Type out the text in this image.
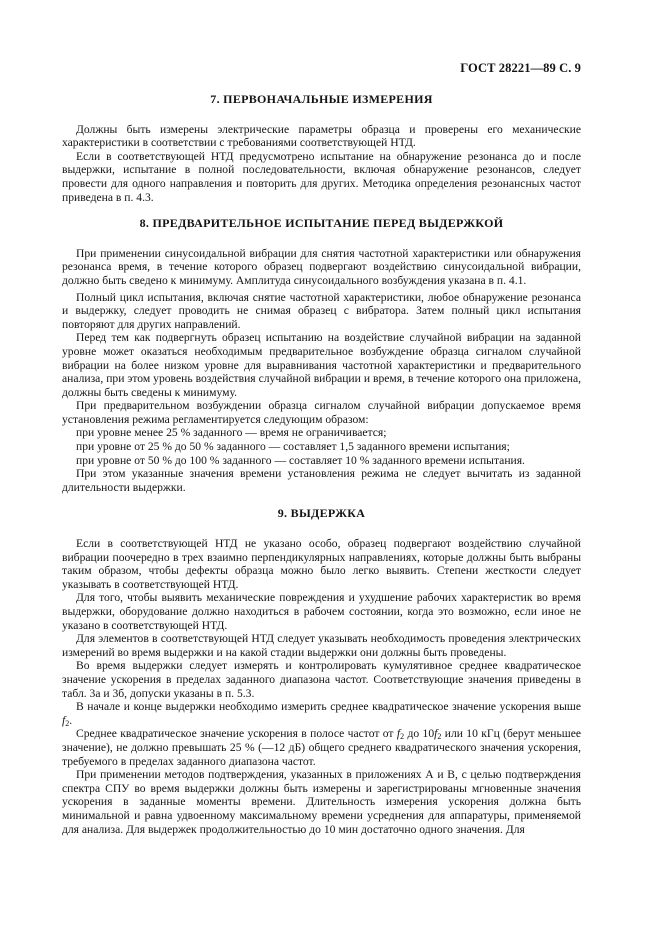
ГОСТ 28221—89 С. 9
7. ПЕРВОНАЧАЛЬНЫЕ ИЗМЕРЕНИЯ

Должны быть измерены электрические параметры образца и проверены его механические характеристики в соответствии с требованиями соответствующей НТД.

Если в соответствующей НТД предусмотрено испытание на обнаружение резонанса до и после выдержки, испытание в полной последовательности, включая обнаружение резонансов, следует провести для одного направления и повторить для других. Методика определения резонансных частот приведена в п. 4.3.

8. ПРЕДВАРИТЕЛЬНОЕ ИСПЫТАНИЕ ПЕРЕД ВЫДЕРЖКОЙ

При применении синусоидальной вибрации для снятия частотной характеристики или обнаружения резонанса время, в течение которого образец подвергают воздействию синусоидальной вибрации, должно быть сведено к минимуму. Амплитуда синусоидального возбуждения указана в п. 4.1.

Полный цикл испытания, включая снятие частотной характеристики, любое обнаружение резонанса и выдержку, следует проводить не снимая образец с вибратора. Затем полный цикл испытания повторяют для других направлений.

Перед тем как подвергнуть образец испытанию на воздействие случайной вибрации на заданной уровне может оказаться необходимым предварительное возбуждение образца сигналом случайной вибрации на более низком уровне для выравнивания частотной характеристики и предварительного анализа, при этом уровень воздействия случайной вибрации и время, в течение которого она приложена, должны быть сведены к минимуму.

При предварительном возбуждении образца сигналом случайной вибрации допускаемое время установления режима регламентируется следующим образом:

при уровне менее 25 % заданного — время не ограничивается;

при уровне от 25 % до 50 % заданного — составляет 1,5 заданного времени испытания;

при уровне от 50 % до 100 % заданного — составляет 10 % заданного времени испытания.

При этом указанные значения времени установления режима не следует вычитать из заданной длительности выдержки.

9. ВЫДЕРЖКА

Если в соответствующей НТД не указано особо, образец подвергают воздействию случайной вибрации поочередно в трех взаимно перпендикулярных направлениях, которые должны быть выбраны таким образом, чтобы дефекты образца можно было легко выявить. Степени жесткости следует указывать в соответствующей НТД.

Для того, чтобы выявить механические повреждения и ухудшение рабочих характеристик во время выдержки, оборудование должно находиться в рабочем состоянии, когда это возможно, если иное не указано в соответствующей НТД.

Для элементов в соответствующей НТД следует указывать необходимость проведения электрических измерений во время выдержки и на какой стадии выдержки они должны быть проведены.

Во время выдержки следует измерять и контролировать кумулятивное среднее квадратическое значение ускорения в пределах заданного диапазона частот. Соответствующие значения приведены в табл. 3а и 3б, допуски указаны в п. 5.3.

В начале и конце выдержки необходимо измерить среднее квадратическое значение ускорения выше $f_2$.

Среднее квадратическое значение ускорения в полосе частот от $f_2$ до $10f_2$ или 10 кГц (берут меньшее значение), не должно превышать 25 % (—12 дБ) общего среднего квадратического значения ускорения, требуемого в пределах заданного диапазона частот.

При применении методов подтверждения, указанных в приложениях А и В, с целью подтверждения спектра СПУ во время выдержки должны быть измерены и зарегистрированы мгновенные значения ускорения в заданные моменты времени. Длительность измерения ускорения должна быть минимальной и равна удвоенному максимальному времени усреднения для аппаратуры, применяемой для анализа. Для выдержек продолжительностью до 10 мин достаточно одного значения. Для
